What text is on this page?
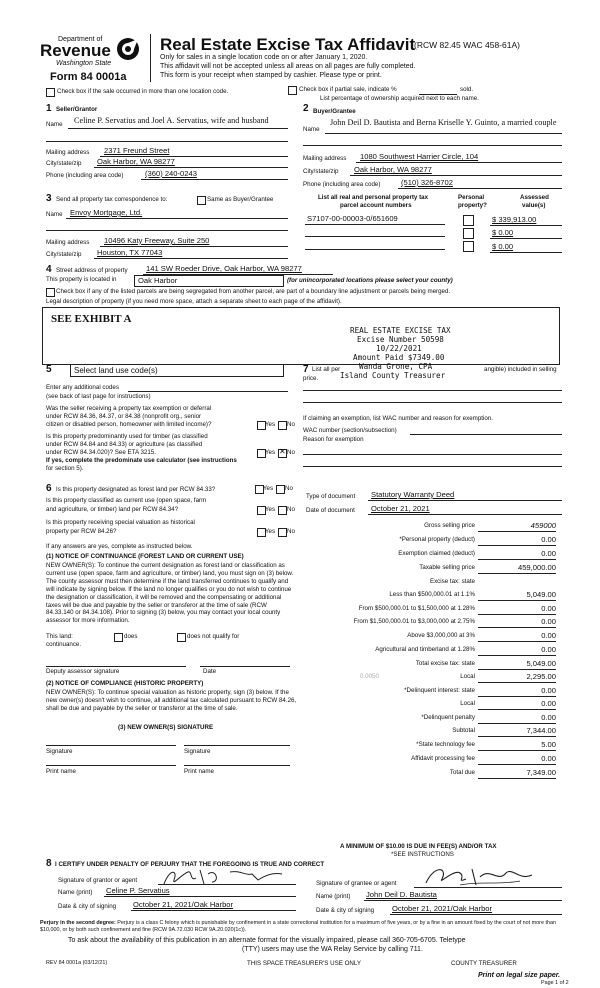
Department of
Revenue
Washington State
Form 84 0001a
Real Estate Excise Tax Affidavit
(RCW 82.45 WAC 458-61A)
Only for sales in a single location code on or after January 1, 2020.
This affidavit will not be accepted unless all areas on all pages are fully completed.
This form is your receipt when stamped by cashier. Please type or print.
Check box if the sale occurred in more than one location code.	Check box if partial sale, indicate %	sold.
List percentage of ownership acquired next to each name.
1 Seller/Grantor
Name Celine P. Servatius and Joel A. Servatius, wife and husband
Mailing address 2371 Freund Street
City/state/zip Oak Harbor, WA 98277
Phone (including area code)	(360) 240-0243
2 Buyer/Grantee
Name
John Deil D. Bautista and Berna Kriselle Y. Guinto, a married couple
Mailing address 1080 Southwest Harrier Circle, 104
City/state/zip Oak Harbor, WA 98277
Phone (including area code)	(510) 326-8702
3 Send all property tax correspondence to:	Same as Buyer/Grantee
Name Envoy Mortgage, Ltd.
Mailing address 10496 Katy Freeway, Suite 250
City/state/zip Houston, TX 77043
List all real and personal property tax
parcel account numbers
Personal
property?
Assessed
value(s)
S7107-00-00003-0/651609	$ 339,913.00
$ 0.00
$ 0.00
4 Street address of property 141 SW Roeder Drive, Oak Harbor, WA 98277
This property is located in	Oak Harbor	(for unincorporated locations please select your county)
Check box if any of the listed parcels are being segregated from another parcel, are part of a boundary line adjustment or parcels being merged.
Legal description of property (if you need more space, attach a separate sheet to each page of the affidavit).
SEE EXHIBIT A
REAL ESTATE EXCISE TAX
Excise Number 50598
10/22/2021
Amount Paid $7349.00
Wanda Grone, CPA
Island County Treasurer
5	Select land use code(s)
Enter any additional codes
(see back of last page for instructions)
Was the seller receiving a property tax exemption or deferral
under RCW 84.36, 84.37, or 84.38 (nonprofit org., senior
citizen or disabled person, homeowner with limited income)?	Yes No
Is this property predominantly used for timber (as classified
under RCW 84.84 and 84.33) or agriculture (as classified
under RCW 84.34.020)? See ETA 3215.	Yes
✕ No
If yes, complete the predominate use calculator (see instructions
for section 5).
7 List all per
price.
angible) included in selling
If claiming an exemption, list WAC number and reason for exemption.
WAC number (section/subsection)
Reason for exemption
6 Is this property designated as forest land per RCW 84.33?	Yes No
Is this property classified as current use (open space, farm
and agriculture, or timber) land per RCW 84.34?	Yes No
Is this property receiving special valuation as historical
property per RCW 84.26?	Yes No
If any answers are yes, complete as instructed below.
(1) NOTICE OF CONTINUANCE (FOREST LAND OR CURRENT USE)
NEW OWNER(S): To continue the current designation as forest land or classification as current use (open space, farm and agriculture, or timber) land, you must sign on (3) below. The county assessor must then determine if the land transferred continues to qualify and will indicate by signing below. If the land no longer qualifies or you do not wish to continue the designation or classification, it will be removed and the compensating or additional taxes will be due and payable by the seller or transferor at the time of sale (RCW 84.33.140 or 84.34.108). Prior to signing (3) below, you may contact your local county assessor for more information.
This land:	does	does not qualify for
continuance.
Deputy assessor signature	Date
(2) NOTICE OF COMPLIANCE (HISTORIC PROPERTY)
NEW OWNER(S): To continue special valuation as historic property, sign (3) below. If the new owner(s) doesn't wish to continue, all additional tax calculated pursuant to RCW 84.26, shall be due and payable by the seller or transferor at the time of sale.
(3) NEW OWNER(S) SIGNATURE
Signature	Signature
Print name	Print name
Type of document Statutory Warranty Deed
Date of document October 21, 2021
Gross selling price	459000
*Personal property (deduct)	0.00
Exemption claimed (deduct)	0.00
Taxable selling price	459,000.00
Excise tax: state
Less than $500,000.01 at 1.1%	5,049.00
From $500,000.01 to $1,500,000 at 1.28%	0.00
From $1,500,000.01 to $3,000,000 at 2.75%	0.00
Above $3,000,000 at 3%	0.00
Agricultural and timberland at 1.28%	0.00
Total excise tax: state	5,049.00
Local
0.0050	2,295.00
*Delinquent interest: state	0.00
Local	0.00
*Delinquent penalty	0.00
Subtotal	7,344.00
*State technology fee	5.00
Affidavit processing fee	0.00
Total due	7,349.00
A MINIMUM OF $10.00 IS DUE IN FEE(S) AND/OR TAX
*SEE INSTRUCTIONS
8 I CERTIFY UNDER PENALTY OF PERJURY THAT THE FOREGOING IS TRUE AND CORRECT
Signature of grantor or agent
Name (print) Celine P. Servatius
Date & city of signing October 21, 2021/Oak Harbor
Signature of grantee or agent
Name (print) John Deil D. Bautista
Date & city of signing October 21, 2021/Oak Harbor
Perjury in the second degree: Perjury is a class C felony which is punishable by confinement in a state correctional institution for a maximum of five years, or by a fine in an amount fixed by the court of not more than $10,000, or by both such confinement and fine (RCW 9A.72.030 RCW 9A.20.020(1c)).
To ask about the availability of this publication in an alternate format for the visually impaired, please call 360-705-6705. Teletype
(TTY) users may use the WA Relay Service by calling 711.
REV 84 0001a (03/12/21)	THIS SPACE TREASURER'S USE ONLY	COUNTY TREASURER
Print on legal size paper.
Page 1 of 2
